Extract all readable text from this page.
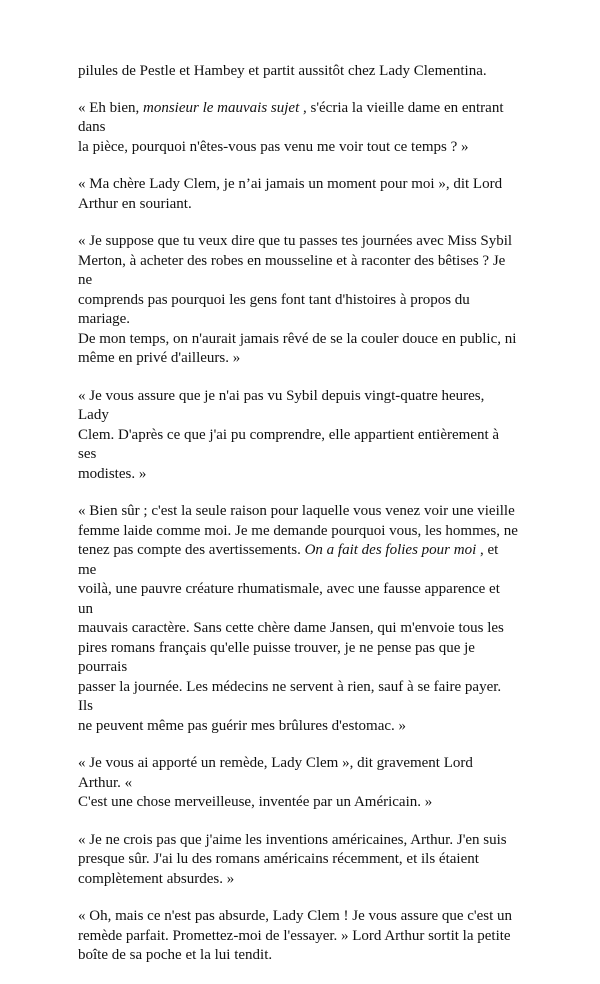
pilules de Pestle et Hambey et partit aussitôt chez Lady Clementina.

« Eh bien, monsieur le mauvais sujet , s'écria la vieille dame en entrant dans
la pièce, pourquoi n'êtes-vous pas venu me voir tout ce temps ? »

« Ma chère Lady Clem, je n’ai jamais un moment pour moi », dit Lord
Arthur en souriant.

« Je suppose que tu veux dire que tu passes tes journées avec Miss Sybil
Merton, à acheter des robes en mousseline et à raconter des bêtises ? Je ne
comprends pas pourquoi les gens font tant d'histoires à propos du mariage.
De mon temps, on n'aurait jamais rêvé de se la couler douce en public, ni
même en privé d'ailleurs. »

« Je vous assure que je n'ai pas vu Sybil depuis vingt-quatre heures, Lady
Clem. D'après ce que j'ai pu comprendre, elle appartient entièrement à ses
modistes. »

« Bien sûr ; c'est la seule raison pour laquelle vous venez voir une vieille
femme laide comme moi. Je me demande pourquoi vous, les hommes, ne
tenez pas compte des avertissements. On a fait des folies pour moi , et me
voilà, une pauvre créature rhumatismale, avec une fausse apparence et un
mauvais caractère. Sans cette chère dame Jansen, qui m'envoie tous les
pires romans français qu'elle puisse trouver, je ne pense pas que je pourrais
passer la journée. Les médecins ne servent à rien, sauf à se faire payer. Ils
ne peuvent même pas guérir mes brûlures d'estomac. »

« Je vous ai apporté un remède, Lady Clem », dit gravement Lord Arthur. «
C'est une chose merveilleuse, inventée par un Américain. »

« Je ne crois pas que j'aime les inventions américaines, Arthur. J'en suis
presque sûr. J'ai lu des romans américains récemment, et ils étaient
complètement absurdes. »

« Oh, mais ce n'est pas absurde, Lady Clem ! Je vous assure que c'est un
remède parfait. Promettez-moi de l'essayer. » Lord Arthur sortit la petite
boîte de sa poche et la lui tendit.
